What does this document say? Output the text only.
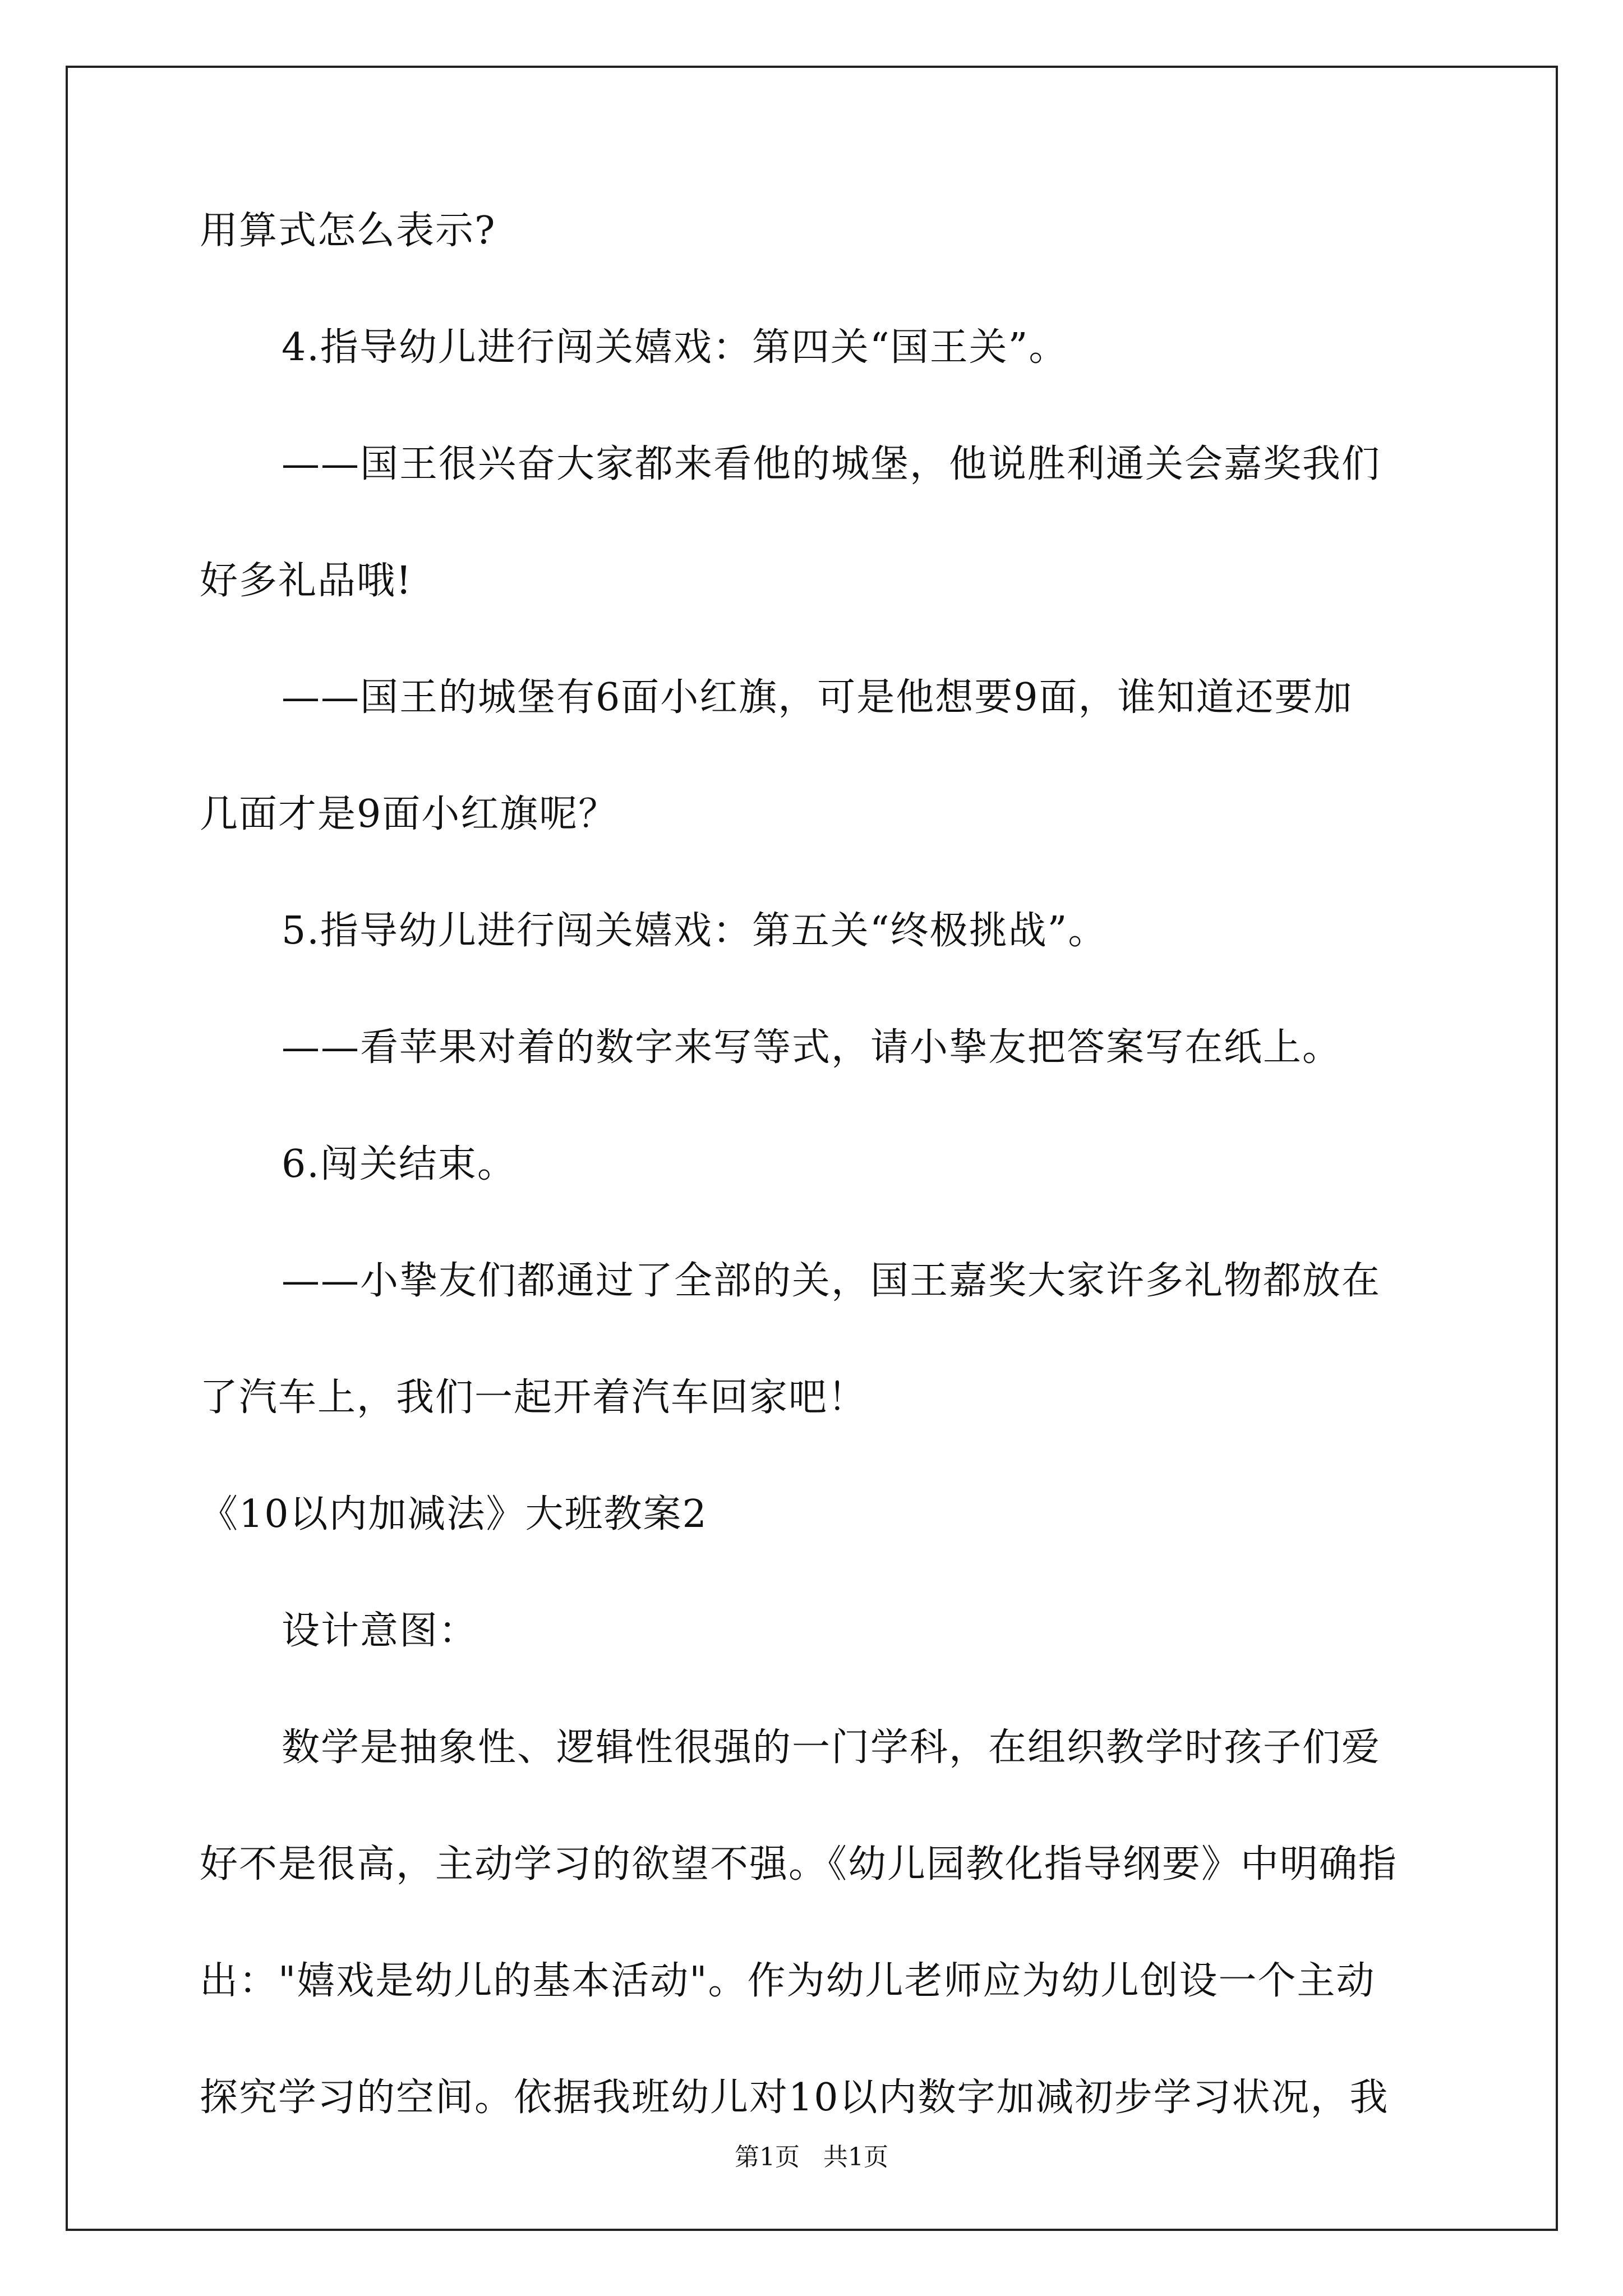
用算式怎么表示?

4.指导幼儿进行闯关嬉戏：第四关“国王关”。

——国王很兴奋大家都来看他的城堡，他说胜利通关会嘉奖我们

好多礼品哦!

——国王的城堡有6面小红旗，可是他想要9面，谁知道还要加

几面才是9面小红旗呢？

5.指导幼儿进行闯关嬉戏：第五关“终极挑战”。

——看苹果对着的数字来写等式，请小挚友把答案写在纸上。

6.闯关结束。

——小挚友们都通过了全部的关，国王嘉奖大家许多礼物都放在

了汽车上，我们一起开着汽车回家吧！

《10以内加减法》大班教案2

设计意图：

数学是抽象性、逻辑性很强的一门学科，在组织教学时孩子们爱

好不是很高，主动学习的欲望不强。《幼儿园教化指导纲要》中明确指

出："嬉戏是幼儿的基本活动"。作为幼儿老师应为幼儿创设一个主动

探究学习的空间。依据我班幼儿对10以内数字加减初步学习状况，我

第1页   共1页
